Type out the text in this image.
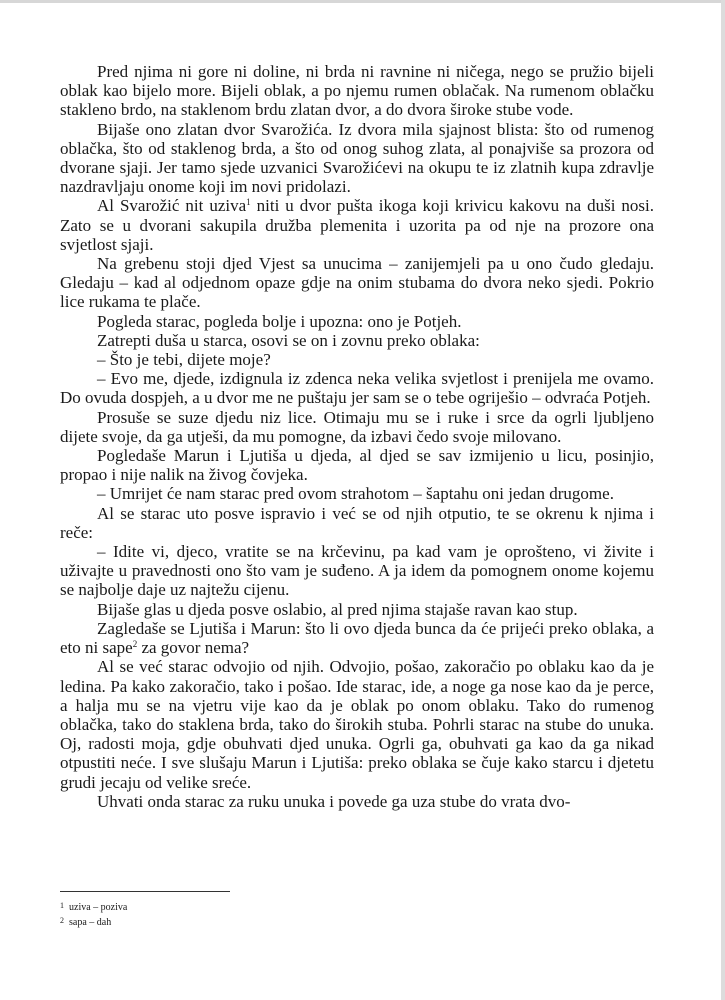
Pred njima ni gore ni doline, ni brda ni ravnine ni ničega, nego se pružio bijeli oblak kao bijelo more. Bijeli oblak, a po njemu rumen oblačak. Na rumenom oblačku stakleno brdo, na staklenom brdu zlatan dvor, a do dvora široke stube vode.

Bijaše ono zlatan dvor Svarožića. Iz dvora mila sjajnost blista: što od rumenog oblačka, što od staklenog brda, a što od onog suhog zlata, al ponajviše sa prozora od dvorane sjaji. Jer tamo sjede uzvanici Svarožićevi na okupu te iz zlatnih kupa zdravlje nazdravljaju onome koji im novi pridolazi.

Al Svarožić nit uziva$^1$ niti u dvor pušta ikoga koji krivicu kakovu na duši nosi. Zato se u dvorani sakupila družba plemenita i uzorita pa od nje na prozore ona svjetlost sjaji.

Na grebenu stoji djed Vjest sa unucima – zanijemjeli pa u ono čudo gledaju. Gledaju – kad al odjednom opaze gdje na onim stubama do dvora neko sjedi. Pokrio lice rukama te plače.

Pogleda starac, pogleda bolje i upozna: ono je Potjeh.

Zatrepti duša u starca, osovi se on i zovnu preko oblaka:

– Što je tebi, dijete moje?

– Evo me, djede, izdignula iz zdenca neka velika svjetlost i prenijela me ovamo. Do ovuda dospjeh, a u dvor me ne puštaju jer sam se o tebe ogriješio – odvraća Potjeh.

Prosuše se suze djedu niz lice. Otimaju mu se i ruke i srce da ogrli ljubljeno dijete svoje, da ga utješi, da mu pomogne, da izbavi čedo svoje milovano.

Pogledaše Marun i Ljutiša u djeda, al djed se sav izmijenio u licu, posinjio, propao i nije nalik na živog čovjeka.

– Umrijet će nam starac pred ovom strahotom – šaptahu oni jedan drugome.

Al se starac uto posve ispravio i već se od njih otputio, te se okrenu k njima i reče:

– Idite vi, djeco, vratite se na krčevinu, pa kad vam je oprošteno, vi živite i uživajte u pravednosti ono što vam je suđeno. A ja idem da pomognem onome kojemu se najbolje daje uz najtežu cijenu.

Bijaše glas u djeda posve oslabio, al pred njima stajaše ravan kao stup.

Zagledaše se Ljutiša i Marun: što li ovo djeda bunca da će prijeći preko oblaka, a eto ni sape$^2$ za govor nema?

Al se već starac odvojio od njih. Odvojio, pošao, zakoračio po oblaku kao da je ledina. Pa kako zakoračio, tako i pošao. Ide starac, ide, a noge ga nose kao da je perce, a halja mu se na vjetru vije kao da je oblak po onom oblaku. Tako do rumenog oblačka, tako do staklena brda, tako do širokih stuba. Pohrli starac na stube do unuka. Oj, radosti moja, gdje obuhvati djed unuka. Ogrli ga, obuhvati ga kao da ga nikad otpustiti neće. I sve slušaju Marun i Ljutiša: preko oblaka se čuje kako starcu i djetetu grudi jecaju od velike sreće.

Uhvati onda starac za ruku unuka i povede ga uza stube do vrata dvo-

1 uziva – poziva
2 sapa – dah
